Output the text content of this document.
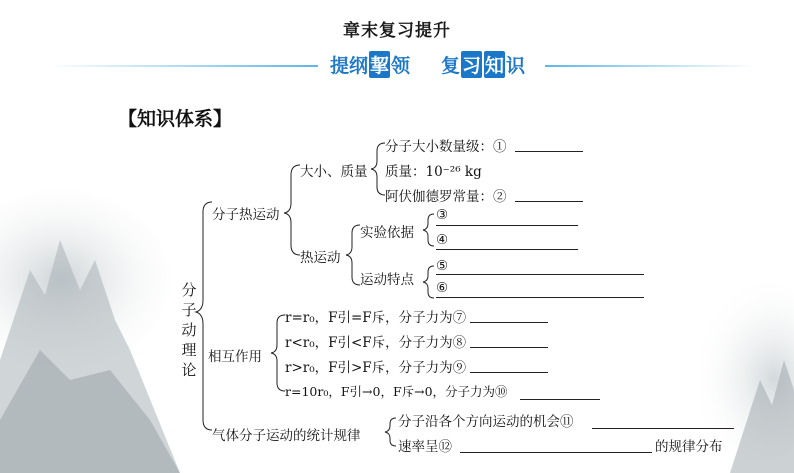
章末复习提升
提 纲 挈 领 复 习 知 识
【知识体系】
分子动理论
分子热运动
大小、质量
分子大小数量级：①
质量：10⁻²⁶ kg
阿伏伽德罗常量：②
热运动
实验依据
③
④
运动特点
⑤
⑥
相互作用
r=r₀，F引=F斥，分子力为⑦
r<r₀，F引<F斥，分子力为⑧
r>r₀，F引>F斥，分子力为⑨
r=10r₀，F引→0，F斥→0，分子力为⑩
气体分子运动的统计规律
分子沿各个方向运动的机会⑪
速率呈⑫	的规律分布
